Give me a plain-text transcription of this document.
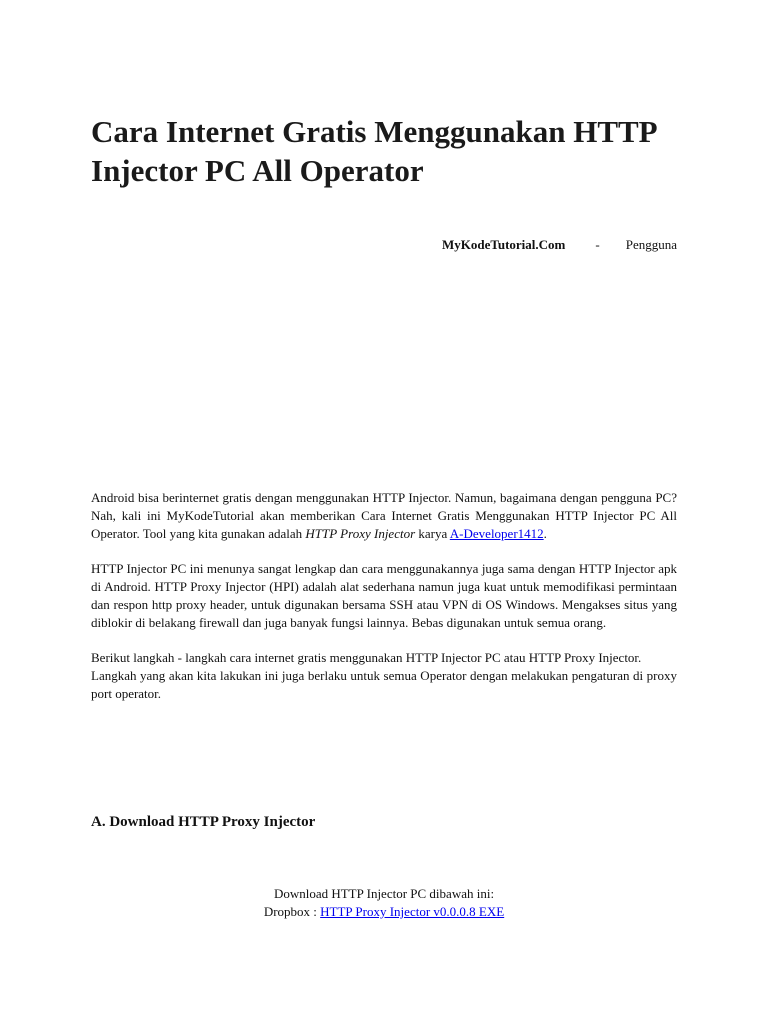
Cara Internet Gratis Menggunakan HTTP Injector PC All Operator
MyKodeTutorial.Com - Pengguna

Android bisa berinternet gratis dengan menggunakan HTTP Injector. Namun, bagaimana dengan pengguna PC? Nah, kali ini MyKodeTutorial akan memberikan Cara Internet Gratis Menggunakan HTTP Injector PC All Operator. Tool yang kita gunakan adalah HTTP Proxy Injector karya A-Developer1412.

HTTP Injector PC ini menunya sangat lengkap dan cara menggunakannya juga sama dengan HTTP Injector apk di Android. HTTP Proxy Injector (HPI) adalah alat sederhana namun juga kuat untuk memodifikasi permintaan dan respon http proxy header, untuk digunakan bersama SSH atau VPN di OS Windows. Mengakses situs yang diblokir di belakang firewall dan juga banyak fungsi lainnya. Bebas digunakan untuk semua orang.

Berikut langkah - langkah cara internet gratis menggunakan HTTP Injector PC atau HTTP Proxy Injector.

Langkah yang akan kita lakukan ini juga berlaku untuk semua Operator dengan melakukan pengaturan di proxy port operator.

A. Download HTTP Proxy Injector
Download HTTP Injector PC dibawah ini:
Dropbox : HTTP Proxy Injector v0.0.0.8 EXE
